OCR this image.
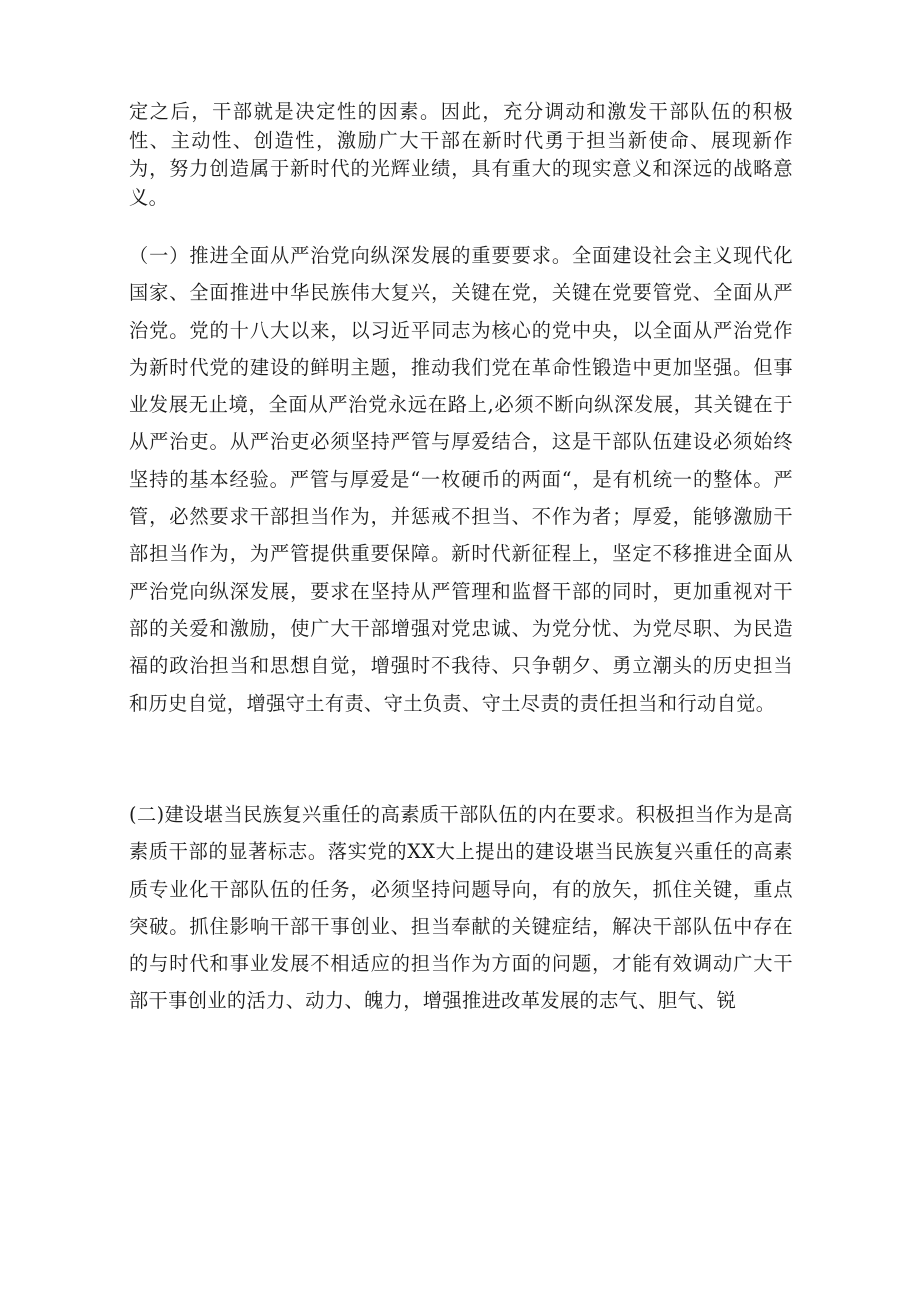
定之后，干部就是决定性的因素。因此，充分调动和激发干部队伍的积极性、主动性、创造性，激励广大干部在新时代勇于担当新使命、展现新作为，努力创造属于新时代的光辉业绩，具有重大的现实意义和深远的战略意义。

（一）推进全面从严治党向纵深发展的重要要求。全面建设社会主义现代化国家、全面推进中华民族伟大复兴，关键在党，关键在党要管党、全面从严治党。党的十八大以来，以习近平同志为核心的党中央，以全面从严治党作为新时代党的建设的鲜明主题，推动我们党在革命性锻造中更加坚强。但事业发展无止境，全面从严治党永远在路上,必须不断向纵深发展，其关键在于从严治吏。从严治吏必须坚持严管与厚爱结合，这是干部队伍建设必须始终坚持的基本经验。严管与厚爱是“一枚硬币的两面“，是有机统一的整体。严管，必然要求干部担当作为，并惩戒不担当、不作为者；厚爱，能够激励干部担当作为，为严管提供重要保障。新时代新征程上，坚定不移推进全面从严治党向纵深发展，要求在坚持从严管理和监督干部的同时，更加重视对干部的关爱和激励，使广大干部增强对党忠诚、为党分忧、为党尽职、为民造福的政治担当和思想自觉，增强时不我待、只争朝夕、勇立潮头的历史担当和历史自觉，增强守土有责、守土负责、守土尽责的责任担当和行动自觉。

(二)建设堪当民族复兴重任的高素质干部队伍的内在要求。积极担当作为是高素质干部的显著标志。落实党的XX大上提出的建设堪当民族复兴重任的高素质专业化干部队伍的任务，必须坚持问题导向，有的放矢，抓住关键，重点突破。抓住影响干部干事创业、担当奉献的关键症结，解决干部队伍中存在的与时代和事业发展不相适应的担当作为方面的问题，才能有效调动广大干部干事创业的活力、动力、魄力，增强推进改革发展的志气、胆气、锐
